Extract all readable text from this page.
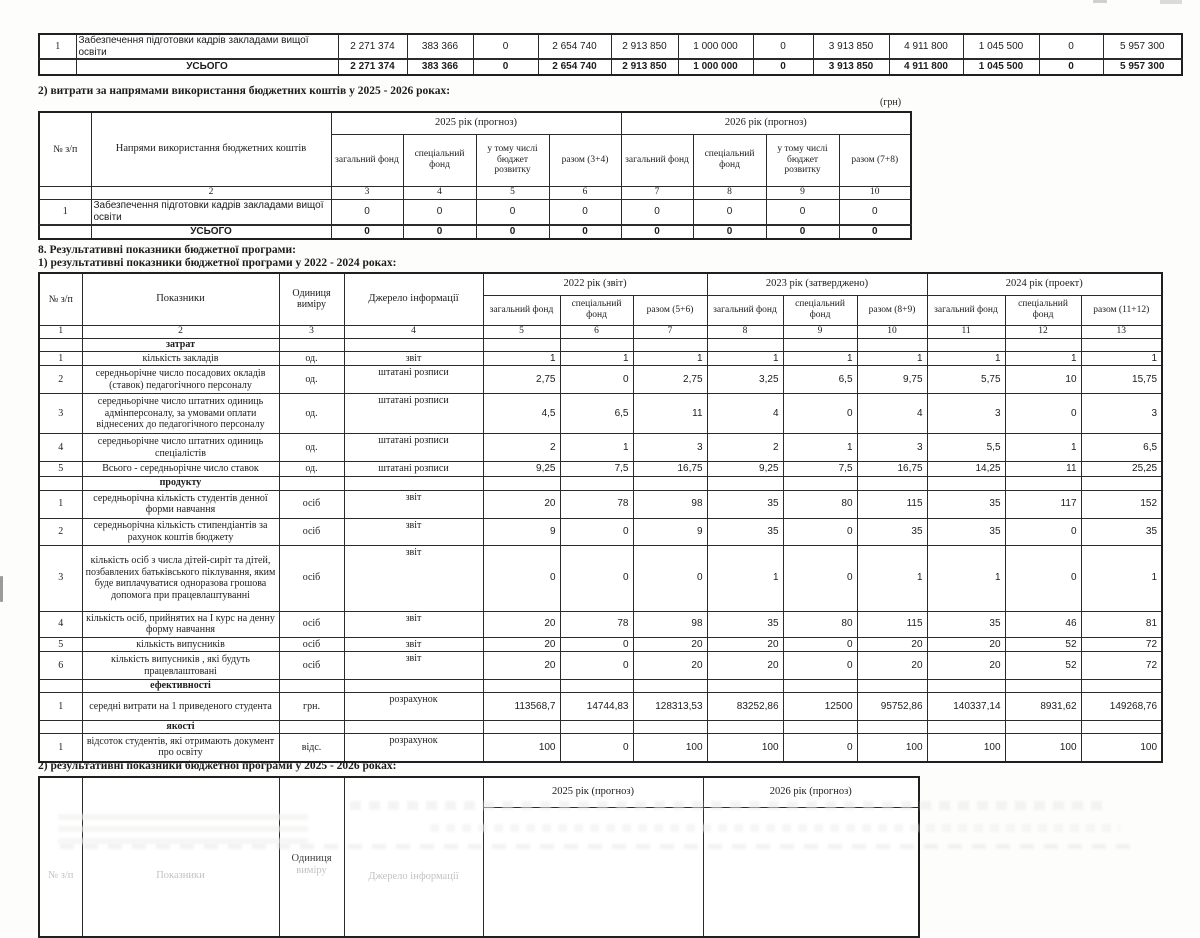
1	Забезпечення підготовки кадрів закладами вищої освіти	2 271 374	383 366	0	2 654 740	2 913 850	1 000 000	0	3 913 850	4 911 800	1 045 500	0	5 957 300
	УСЬОГО	2 271 374	383 366	0	2 654 740	2 913 850	1 000 000	0	3 913 850	4 911 800	1 045 500	0	5 957 300
2) витрати за напрямами використання бюджетних коштів у 2025 - 2026 роках:
(грн)
№ з/п	Напрями використання бюджетних коштів	2025 рік (прогноз)				2026 рік (прогноз)			
		загальний фонд	спеціальний фонд	у тому числі бюджет розвитку	разом (3+4)	загальний фонд	спеціальний фонд	у тому числі бюджет розвитку	разом (7+8)
	2	3	4	5	6	7	8	9	10
1	Забезпечення підготовки кадрів закладами вищої освіти	0	0	0	0	0	0	0	0
	УСЬОГО	0	0	0	0	0	0	0	0
8. Результативні показники бюджетної програми:
1) результативні показники бюджетної програми у 2022 - 2024 роках:
№ з/п	Показники	Одиниця виміру	Джерело інформації	2022 рік (звіт)			2023 рік (затверджено)			2024 рік (проект)		
				загальний фонд	спеціальний фонд	разом (5+6)	загальний фонд	спеціальний фонд	разом (8+9)	загальний фонд	спеціальний фонд	разом (11+12)
1	2	3	4	5	6	7	8	9	10	11	12	13
	затрат											
1	кількість закладів	од.	звіт	1	1	1	1	1	1	1	1	1
2	середньорічне число посадових окладів (ставок) педагогічного персоналу	од.	штатані розписи	2,75	0	2,75	3,25	6,5	9,75	5,75	10	15,75
3	середньорічне число штатних одиниць адмінперсоналу, за умовами оплати віднесених до педагогічного персоналу	од.	штатані розписи	4,5	6,5	11	4	0	4	3	0	3
4	середньорічне число штатних одиниць спеціалістів	од.	штатані розписи	2	1	3	2	1	3	5,5	1	6,5
5	Всього - середньорічне число ставок	од.	штатані розписи	9,25	7,5	16,75	9,25	7,5	16,75	14,25	11	25,25
	продукту											
1	середньорічна кількість студентів денної форми навчання	осіб	звіт	20	78	98	35	80	115	35	117	152
2	середньорічна кількість стипендіантів за рахунок коштів бюджету	осіб	звіт	9	0	9	35	0	35	35	0	35
3	кількість осіб з числа дітей-сиріт та дітей, позбавлених батьківського піклування, яким буде виплачуватися одноразова грошова допомога при працевлаштуванні	осіб	звіт	0	0	0	1	0	1	1	0	1
4	кількість осіб, прийнятих на І курс на денну форму навчання	осіб	звіт	20	78	98	35	80	115	35	46	81
5	кількість випусників	осіб	звіт	20	0	20	20	0	20	20	52	72
6	кількість випусників , які будуть працевлаштовані	осіб	звіт	20	0	20	20	0	20	20	52	72
	ефективності											
1	середні витрати на 1 приведеного студента	грн.	розрахунок	113568,7	14744,83	128313,53	83252,86	12500	95752,86	140337,14	8931,62	149268,76
	якості											
1	відсоток студентів, які отримають документ про освіту	відс.	розрахунок	100	0	100	100	0	100	100	100	100
2) результативні показники бюджетної програми у 2025 - 2026 роках:
№ з/п	Показники	Одиниця
виміру	Джерело інформації	2025 рік (прогноз)	2026 рік (прогноз)
